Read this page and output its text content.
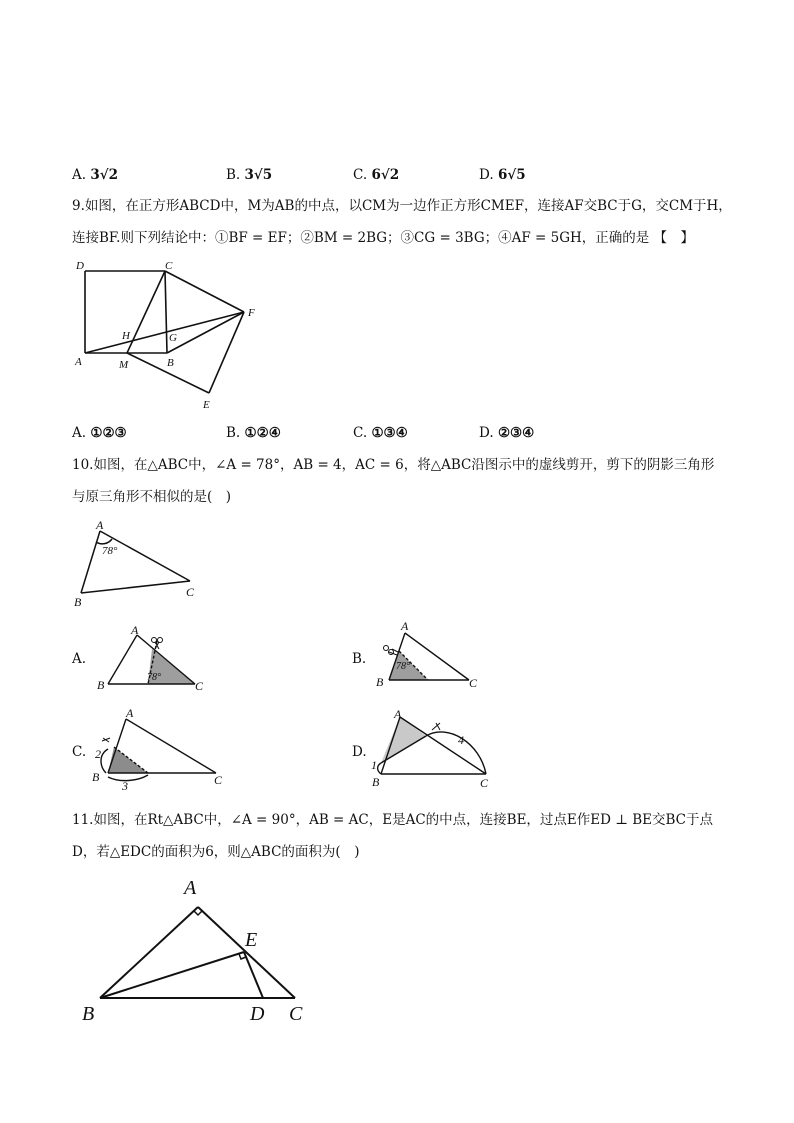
A. 3√2	B. 3√5	C. 6√2	D. 6√5
9.如图，在正方形ABCD中，M为AB的中点，以CM为一边作正方形CMEF，连接AF交BC于G，交CM于H，
连接BF.则下列结论中：①BF = EF；②BM = 2BG；③CG = 3BG；④AF = 5GH，正确的是 【　】
D	C
F
H	G
A	M	B
E
A. ①②③	B. ①②④	C. ①③④	D. ②③④
10.如图，在△ABC中，∠A = 78°，AB = 4，AC = 6，将△ABC沿图示中的虚线剪开，剪下的阴影三角形
与原三角形不相似的是(　)
A
B
C
78°
A.
A
B	C
78°
B.
A
B	C
78°
C.
A
B	C
2
3
D.
A
B	C
1
4
11.如图，在Rt△ABC中，∠A = 90°，AB = AC，E是AC的中点，连接BE，过点E作ED ⊥ BE交BC于点
D，若△EDC的面积为6，则△ABC的面积为(　)
A
E
B	D C
